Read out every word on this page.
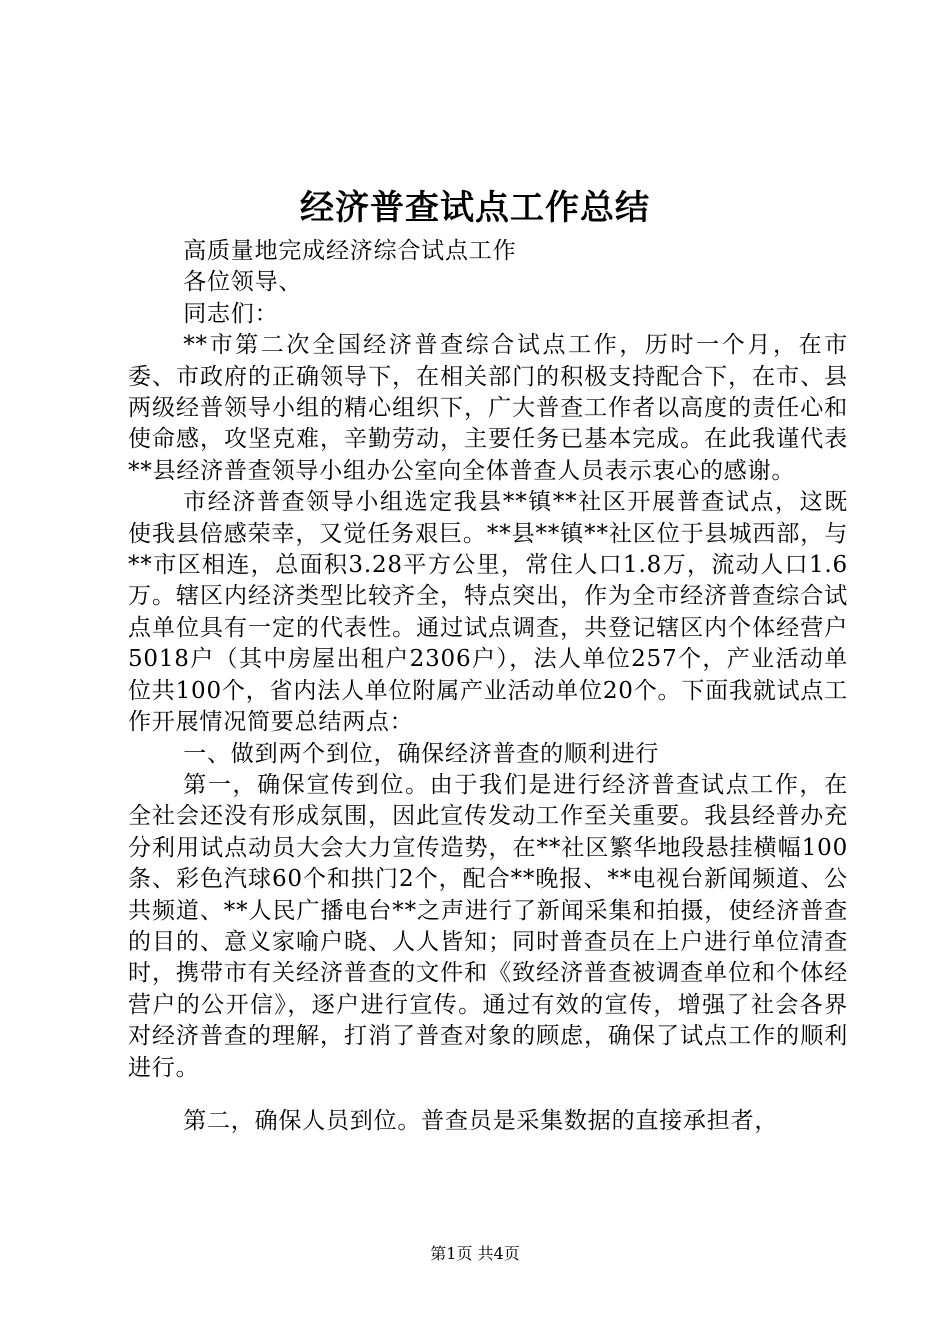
经济普查试点工作总结

高质量地完成经济综合试点工作

各位领导、

同志们：

**市第二次全国经济普查综合试点工作，历时一个月，在市委、市政府的正确领导下，在相关部门的积极支持配合下，在市、县两级经普领导小组的精心组织下，广大普查工作者以高度的责任心和使命感，攻坚克难，辛勤劳动，主要任务已基本完成。在此我谨代表**县经济普查领导小组办公室向全体普查人员表示衷心的感谢。

市经济普查领导小组选定我县**镇**社区开展普查试点，这既使我县倍感荣幸，又觉任务艰巨。**县**镇**社区位于县城西部，与**市区相连，总面积3.28平方公里，常住人口1.8万，流动人口1.6万。辖区内经济类型比较齐全，特点突出，作为全市经济普查综合试点单位具有一定的代表性。通过试点调查，共登记辖区内个体经营户5018户（其中房屋出租户2306户），法人单位257个，产业活动单位共100个，省内法人单位附属产业活动单位20个。下面我就试点工作开展情况简要总结两点：

一、做到两个到位，确保经济普查的顺利进行

第一，确保宣传到位。由于我们是进行经济普查试点工作，在全社会还没有形成氛围，因此宣传发动工作至关重要。我县经普办充分利用试点动员大会大力宣传造势，在**社区繁华地段悬挂横幅100条、彩色汽球60个和拱门2个，配合**晚报、**电视台新闻频道、公共频道、**人民广播电台**之声进行了新闻采集和拍摄，使经济普查的目的、意义家喻户晓、人人皆知；同时普查员在上户进行单位清查时，携带市有关经济普查的文件和《致经济普查被调查单位和个体经营户的公开信》，逐户进行宣传。通过有效的宣传，增强了社会各界对经济普查的理解，打消了普查对象的顾虑，确保了试点工作的顺利进行。

第二，确保人员到位。普查员是采集数据的直接承担者，

第1页 共4页
